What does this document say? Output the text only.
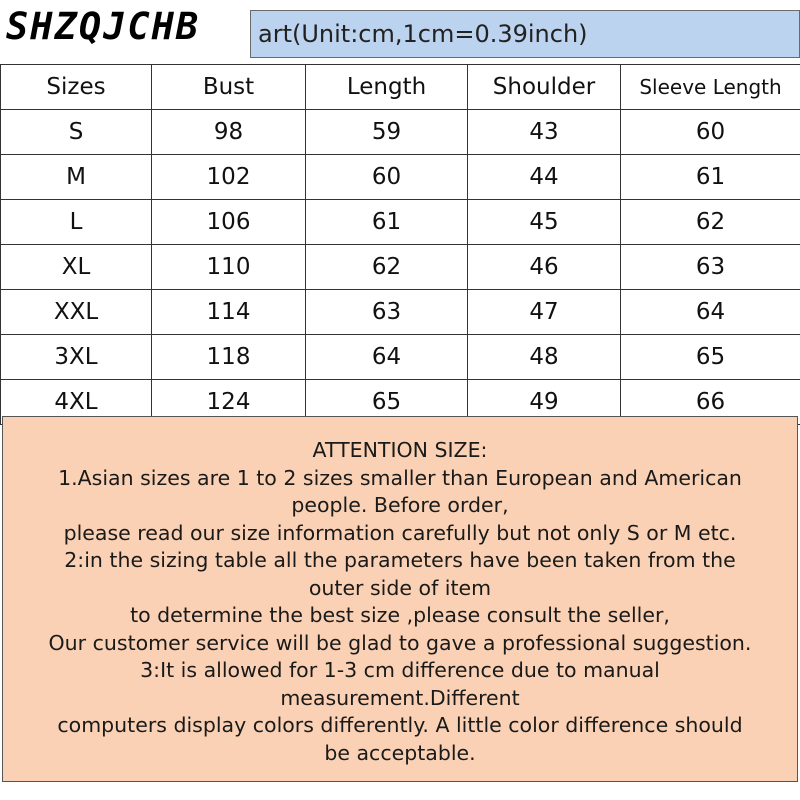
art(Unit:cm,1cm=0.39inch)
SHZQJCHB
Sizes	Bust	Length	Shoulder	Sleeve Length
S	98	59	43	60
M	102	60	44	61
L	106	61	45	62
XL	110	62	46	63
XXL	114	63	47	64
3XL	118	64	48	65
4XL	124	65	49	66
ATTENTION SIZE:
1.Asian sizes are 1 to 2 sizes smaller than European and American
people. Before order,
please read our size information carefully but not only S or M etc.
2:in the sizing table all the parameters have been taken from the
outer side of item
to determine the best size ,please consult the seller,
Our customer service will be glad to gave a professional suggestion.
3:It is allowed for 1-3 cm difference due to manual
measurement.Different
computers display colors differently. A little color difference should
be acceptable.
